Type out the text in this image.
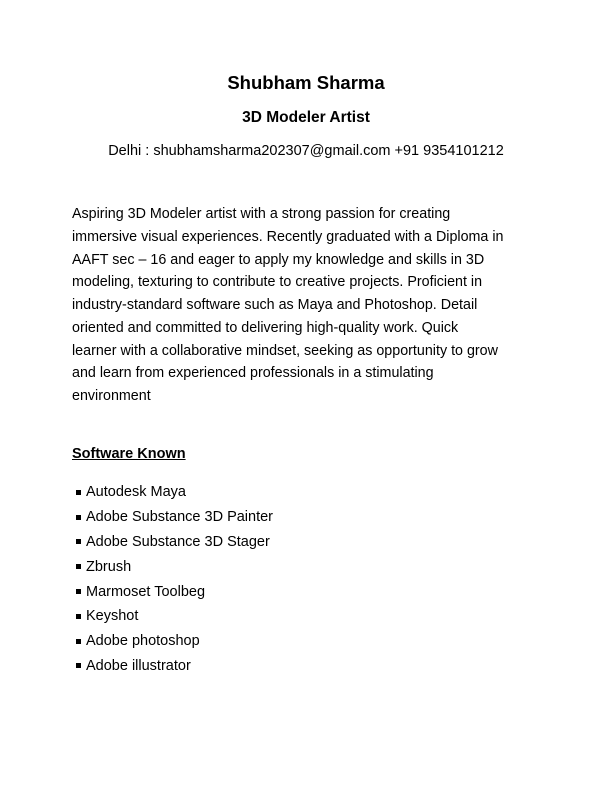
Shubham Sharma
3D Modeler Artist
Delhi : shubhamsharma202307@gmail.com +91 9354101212
Aspiring 3D Modeler artist with a strong passion for creating
immersive visual experiences. Recently graduated with a Diploma in
AAFT sec – 16 and eager to apply my knowledge and skills in 3D
modeling, texturing to contribute to creative projects. Proficient in
industry-standard software such as Maya and Photoshop. Detail
oriented and committed to delivering high-quality work. Quick
learner with a collaborative mindset, seeking as opportunity to grow
and learn from experienced professionals in a stimulating
environment
Software Known
Autodesk Maya
Adobe Substance 3D Painter
Adobe Substance 3D Stager
Zbrush
Marmoset Toolbeg
Keyshot
Adobe photoshop
Adobe illustrator
